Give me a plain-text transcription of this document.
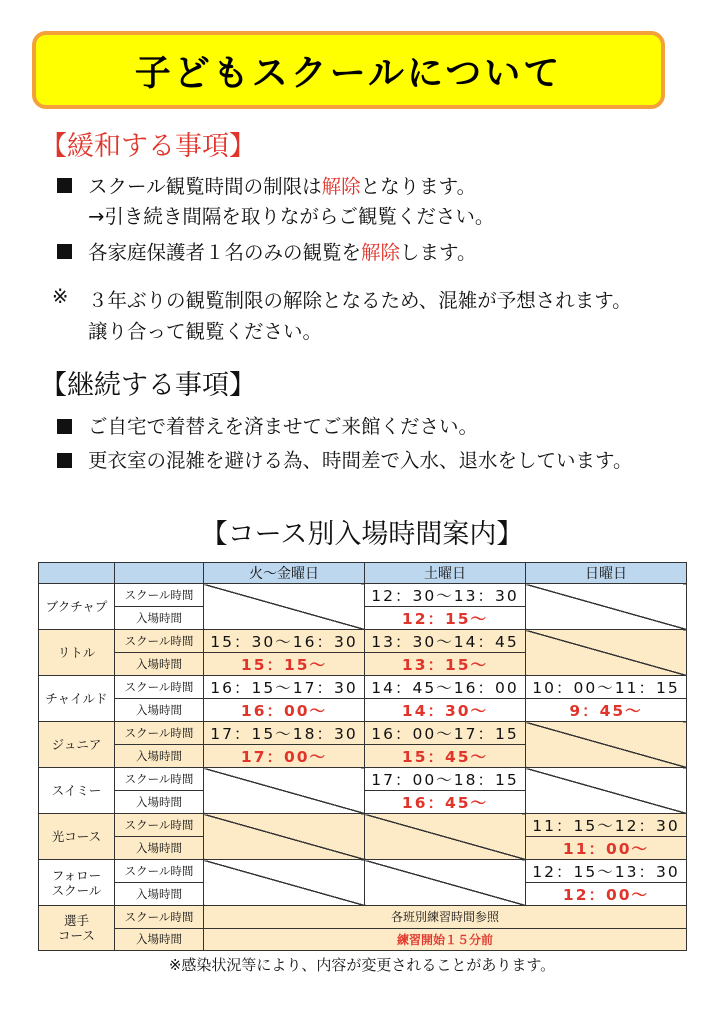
子どもスクールについて
【緩和する事項】
スクール観覧時間の制限は解除となります。
→引き続き間隔を取りながらご観覧ください。
各家庭保護者１名のみの観覧を解除します。
※ ３年ぶりの観覧制限の解除となるため、混雑が予想されます。
譲り合って観覧ください。
【継続する事項】
ご自宅で着替えを済ませてご来館ください。
更衣室の混雑を避ける為、時間差で入水、退水をしています。
【コース別入場時間案内】
		火～金曜日	土曜日	日曜日
ブクチャプ	スクール時間		12：30～13：30	
	入場時間		12：15～	
リトル	スクール時間	15：30～16：30	13：30～14：45	
	入場時間	15：15～	13：15～	
チャイルド	スクール時間	16：15～17：30	14：45～16：00	10：00～11：15
	入場時間	16：00～	14：30～	9：45～
ジュニア	スクール時間	17：15～18：30	16：00～17：15	
	入場時間	17：00～	15：45～	
スイミー	スクール時間		17：00～18：15	
	入場時間		16：45～	
光コース	スクール時間			11：15～12：30
	入場時間			11：00～

フォロー
スクール	スクール時間			12：15～13：30
	入場時間			12：00～

選手
コース	スクール時間	各班別練習時間参照		
	入場時間	練習開始１５分前		
※感染状況等により、内容が変更されることがあります。
